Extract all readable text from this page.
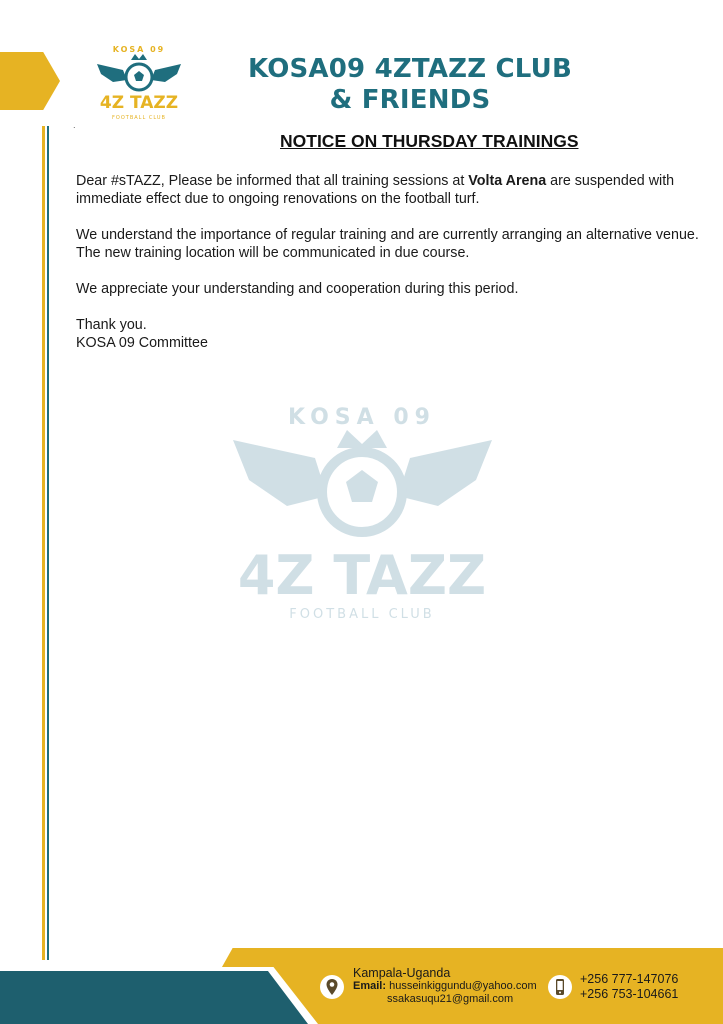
KOSA 09
4Z TAZZ
FOOTBALL CLUB
KOSA09 4ZTAZZ CLUB
& FRIENDS
.
NOTICE ON THURSDAY TRAININGS

Dear #sTAZZ, Please be informed that all training sessions at Volta Arena are suspended with immediate effect due to ongoing renovations on the football turf.

We understand the importance of regular training and are currently arranging an alternative venue.
The new training location will be communicated in due course.

We appreciate your understanding and cooperation during this period.

Thank you.

KOSA 09 Committee

KOSA 09
4Z TAZZ
FOOTBALL CLUB
Kampala-Uganda
Email: husseinkiggundu@yahoo.com
ssakasuqu21@gmail.com
+256 777-147076
+256 753-104661
